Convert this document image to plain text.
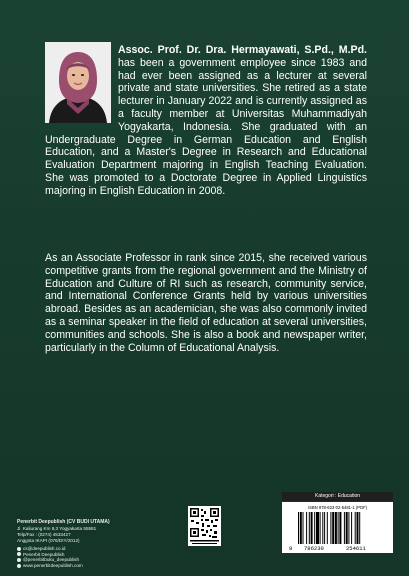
Assoc. Prof. Dr. Dra. Hermayawati, S.Pd., M.Pd. has been a government employee since 1983 and had ever been assigned as a lecturer at several private and state universities. She retired as a state lecturer in January 2022 and is currently assigned as a faculty member at Universitas Muhammadiyah Yogyakarta, Indonesia. She graduated with an Undergraduate Degree in German Education and English Education, and a Master's Degree in Research and Educational Evaluation Department majoring in English Teaching Evaluation. She was promoted to a Doctorate Degree in Applied Linguistics majoring in English Education in 2008.
As an Associate Professor in rank since 2015, she received various competitive grants from the regional government and the Ministry of Education and Culture of RI such as research, community service, and International Conference Grants held by various universities abroad. Besides as an academician, she was also commonly invited as a seminar speaker in the field of education at several universities, communities and schools. She is also a book and newspaper writer, particularly in the Column of Educational Analysis.
Penerbit Deepublish (CV BUDI UTAMA)
Jl. Kaliurang Km 9,3 Yogyakarta 55581
Telp/Fax : (0274) 4533427
Anggota IKAPI (076/DIY/2012)
cs@deepublish.co.id
Penerbit Deepublish
@penerbitbuku_deepublish
www.penerbitdeepublish.com
Kategori : Education
ISBN 978-623-02-5481-1 (PDF)
9 786230	254611
